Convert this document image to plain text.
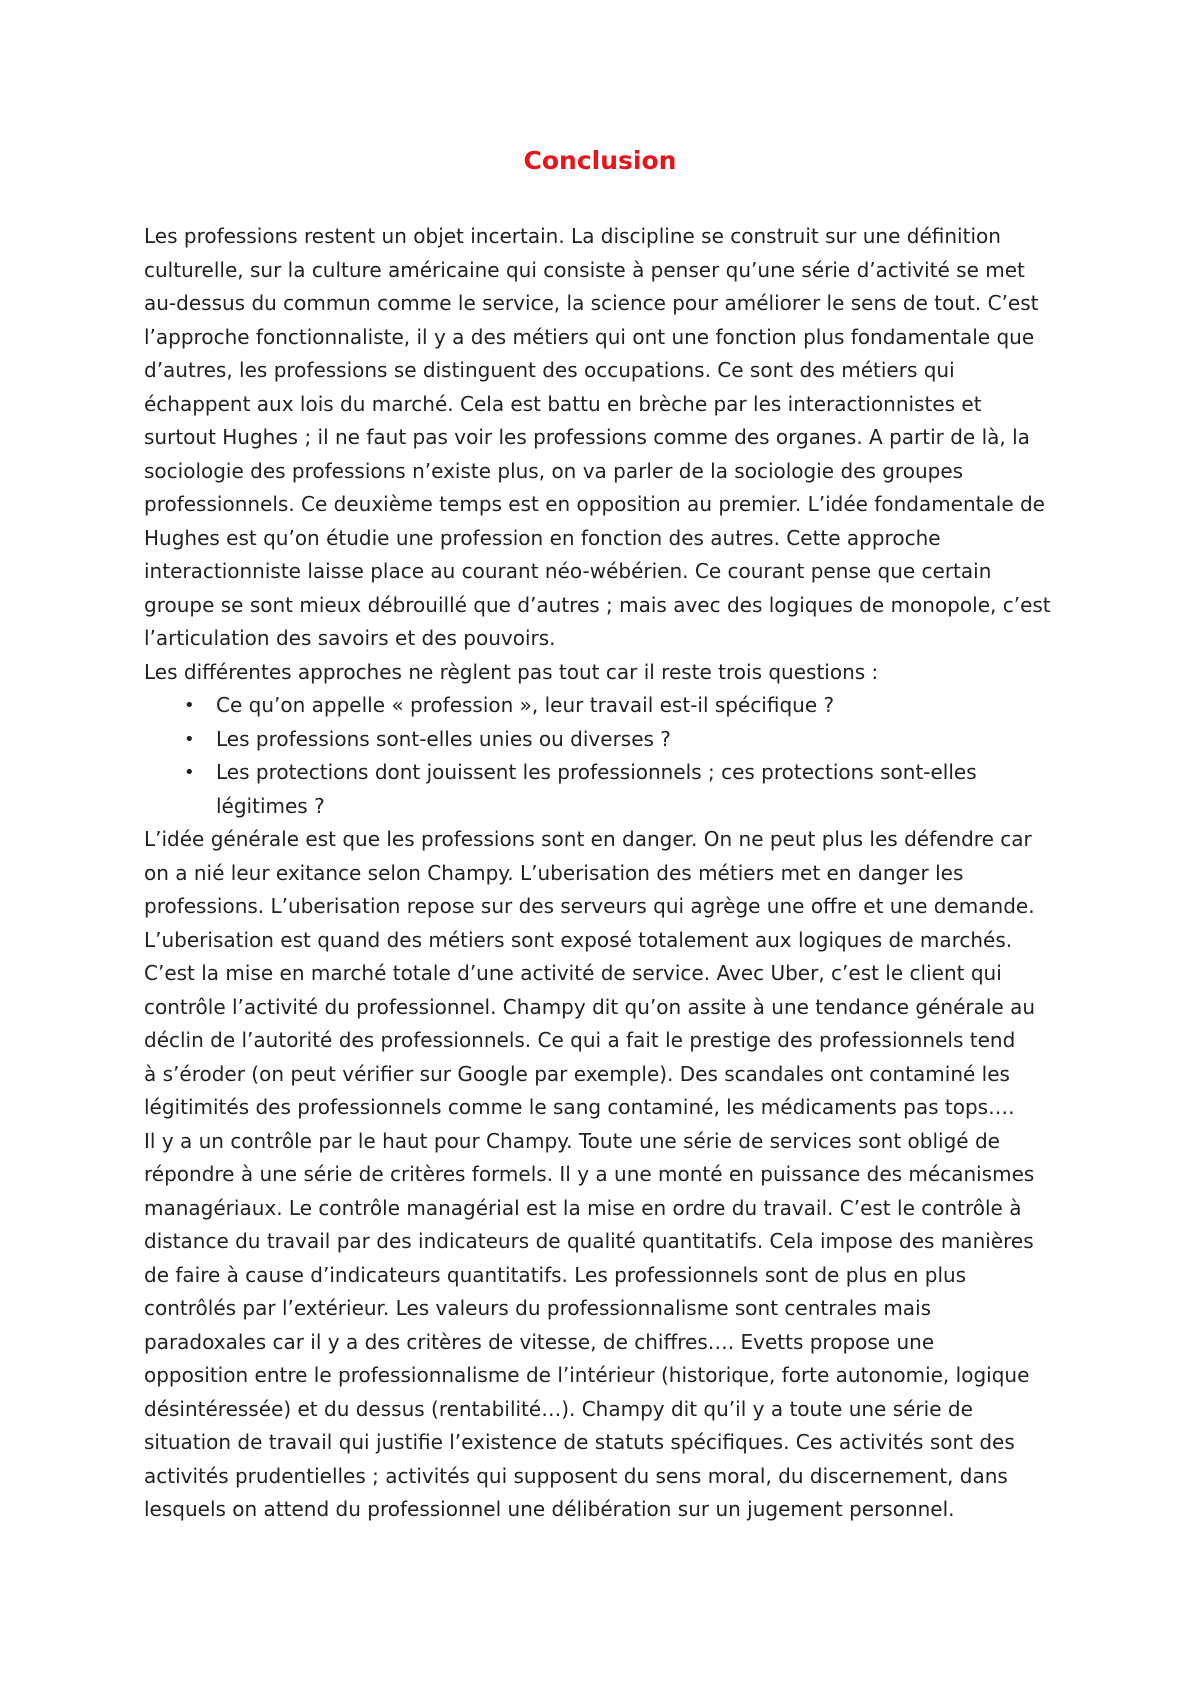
Conclusion
Les professions restent un objet incertain. La discipline se construit sur une définition
culturelle, sur la culture américaine qui consiste à penser qu’une série d’activité se met
au-dessus du commun comme le service, la science pour améliorer le sens de tout. C’est
l’approche fonctionnaliste, il y a des métiers qui ont une fonction plus fondamentale que
d’autres, les professions se distinguent des occupations. Ce sont des métiers qui
échappent aux lois du marché. Cela est battu en brèche par les interactionnistes et
surtout Hughes ; il ne faut pas voir les professions comme des organes. A partir de là, la
sociologie des professions n’existe plus, on va parler de la sociologie des groupes
professionnels. Ce deuxième temps est en opposition au premier. L’idée fondamentale de
Hughes est qu’on étudie une profession en fonction des autres. Cette approche
interactionniste laisse place au courant néo-wébérien. Ce courant pense que certain
groupe se sont mieux débrouillé que d’autres ; mais avec des logiques de monopole, c’est
l’articulation des savoirs et des pouvoirs.
Les différentes approches ne règlent pas tout car il reste trois questions :
• Ce qu’on appelle « profession », leur travail est-il spécifique ?
• Les professions sont-elles unies ou diverses ?
• Les protections dont jouissent les professionnels ; ces protections sont-elles
légitimes ?
L’idée générale est que les professions sont en danger. On ne peut plus les défendre car
on a nié leur exitance selon Champy. L’uberisation des métiers met en danger les
professions. L’uberisation repose sur des serveurs qui agrège une offre et une demande.
L’uberisation est quand des métiers sont exposé totalement aux logiques de marchés.
C’est la mise en marché totale d’une activité de service. Avec Uber, c’est le client qui
contrôle l’activité du professionnel. Champy dit qu’on assite à une tendance générale au
déclin de l’autorité des professionnels. Ce qui a fait le prestige des professionnels tend
à s’éroder (on peut vérifier sur Google par exemple). Des scandales ont contaminé les
légitimités des professionnels comme le sang contaminé, les médicaments pas tops….
Il y a un contrôle par le haut pour Champy. Toute une série de services sont obligé de
répondre à une série de critères formels. Il y a une monté en puissance des mécanismes
managériaux. Le contrôle managérial est la mise en ordre du travail. C’est le contrôle à
distance du travail par des indicateurs de qualité quantitatifs. Cela impose des manières
de faire à cause d’indicateurs quantitatifs. Les professionnels sont de plus en plus
contrôlés par l’extérieur. Les valeurs du professionnalisme sont centrales mais
paradoxales car il y a des critères de vitesse, de chiffres…. Evetts propose une
opposition entre le professionnalisme de l’intérieur (historique, forte autonomie, logique
désintéressée) et du dessus (rentabilité…). Champy dit qu’il y a toute une série de
situation de travail qui justifie l’existence de statuts spécifiques. Ces activités sont des
activités prudentielles ; activités qui supposent du sens moral, du discernement, dans
lesquels on attend du professionnel une délibération sur un jugement personnel.
